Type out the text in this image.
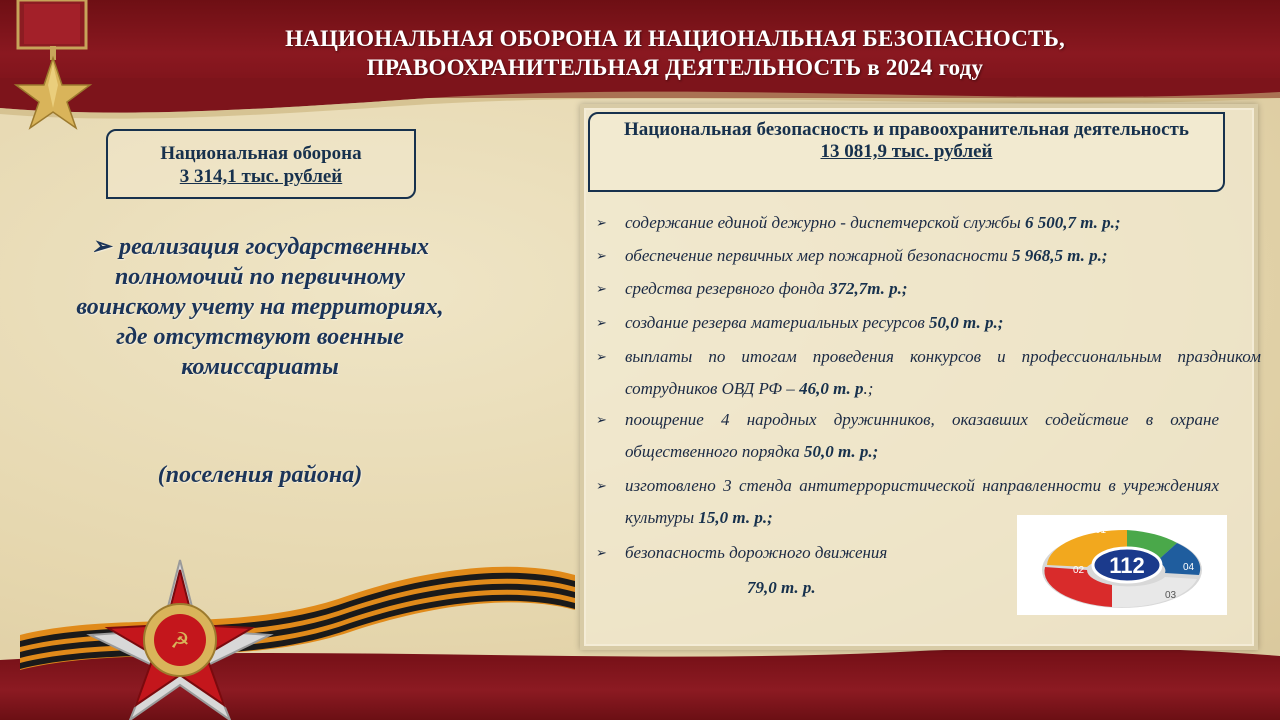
НАЦИОНАЛЬНАЯ ОБОРОНА И НАЦИОНАЛЬНАЯ БЕЗОПАСНОСТЬ,
ПРАВООХРАНИТЕЛЬНАЯ ДЕЯТЕЛЬНОСТЬ в 2024 году
Национальная оборона
3 314,1 тыс. рублей
➢ реализация государственных полномочий по первичному воинскому учету на территориях, где отсутствуют военные комиссариаты
(поселения района)
☭
Национальная безопасность и правоохранительная деятельность
13 081,9 тыс. рублей
➢ содержание единой дежурно - диспетчерской службы 6 500,7 т. р.;
➢ обеспечение первичных мер пожарной безопасности 5 968,5 т. р.;
➢ средства резервного фонда 372,7т. р.;
➢ создание резерва материальных ресурсов 50,0 т. р.;
➢ выплаты по итогам проведения конкурсов и профессиональным праздником сотрудников ОВД РФ – 46,0 т. р.;
➢ поощрение 4 народных дружинников, оказавших содействие в охране общественного порядка 50,0 т. р.;
➢ изготовлено 3 стенда антитеррористической направленности в учреждениях культуры 15,0 т. р.;
➢ безопасность дорожного движения
79,0 т. р.
112
01
02
03
04
